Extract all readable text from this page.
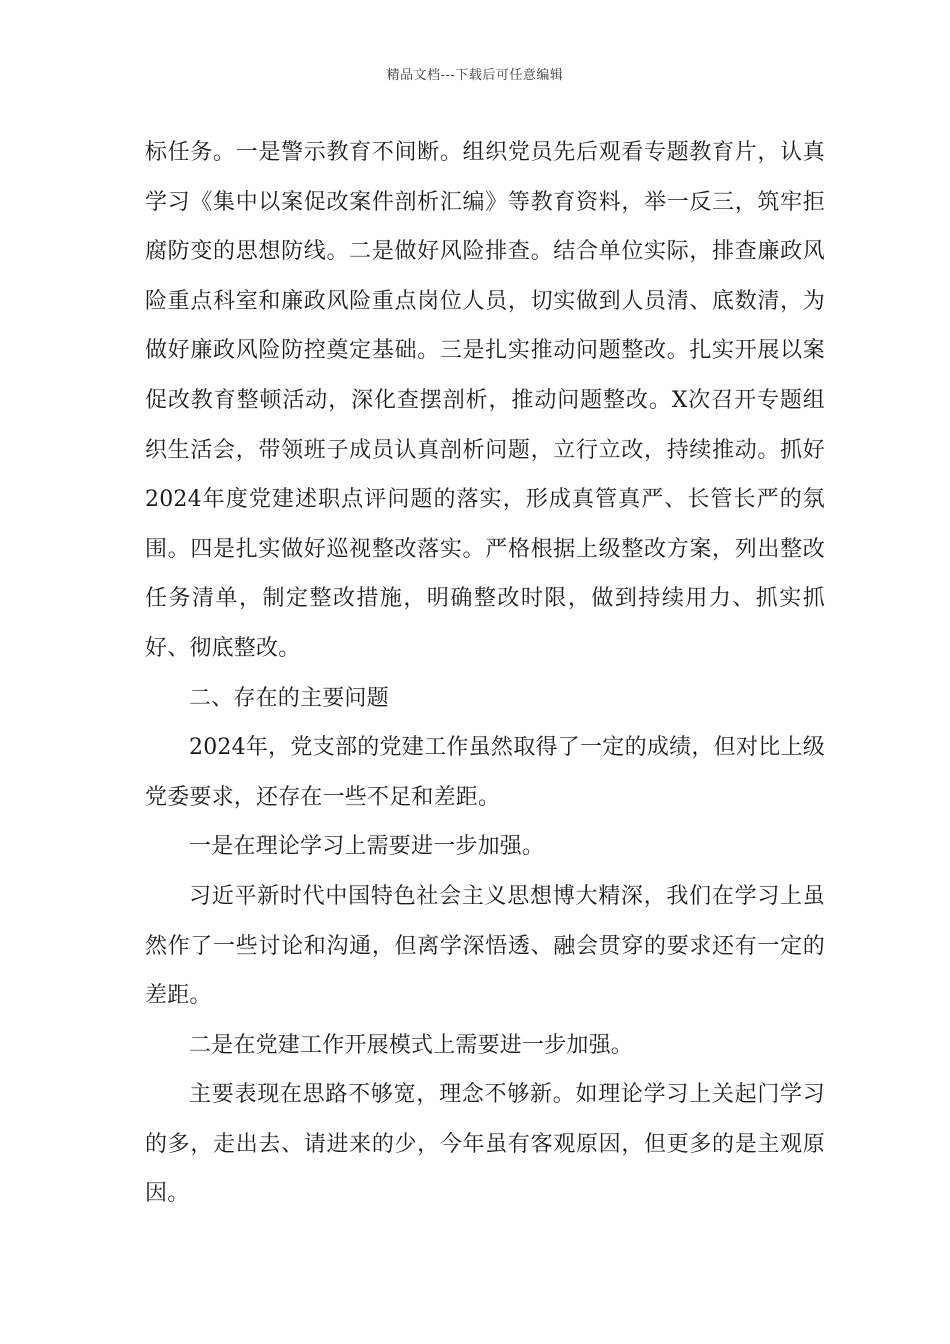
精品文档---下载后可任意编辑

标任务。一是警示教育不间断。组织党员先后观看专题教育片，认真学习《集中以案促改案件剖析汇编》等教育资料，举一反三，筑牢拒腐防变的思想防线。二是做好风险排查。结合单位实际，排查廉政风险重点科室和廉政风险重点岗位人员，切实做到人员清、底数清，为做好廉政风险防控奠定基础。三是扎实推动问题整改。扎实开展以案促改教育整顿活动，深化查摆剖析，推动问题整改。X次召开专题组织生活会，带领班子成员认真剖析问题，立行立改，持续推动。抓好2024年度党建述职点评问题的落实，形成真管真严、长管长严的氛围。四是扎实做好巡视整改落实。严格根据上级整改方案，列出整改任务清单，制定整改措施，明确整改时限，做到持续用力、抓实抓好、彻底整改。

二、存在的主要问题

2024年，党支部的党建工作虽然取得了一定的成绩，但对比上级党委要求，还存在一些不足和差距。

一是在理论学习上需要进一步加强。

习近平新时代中国特色社会主义思想博大精深，我们在学习上虽然作了一些讨论和沟通，但离学深悟透、融会贯穿的要求还有一定的差距。

二是在党建工作开展模式上需要进一步加强。

主要表现在思路不够宽，理念不够新。如理论学习上关起门学习的多，走出去、请进来的少，今年虽有客观原因，但更多的是主观原因。
